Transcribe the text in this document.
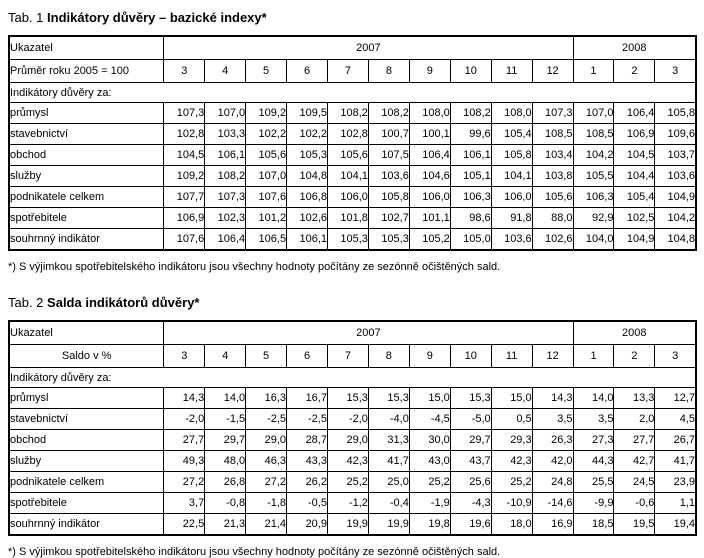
Tab. 1 Indikátory důvěry – bazické indexy*
Ukazatel	2007										2008		
Průměr roku 2005 = 100	3	4	5	6	7	8	9	10	11	12	1	2	3
Indikátory důvěry za:													
průmysl	107,3	107,0	109,2	109,5	108,2	108,2	108,0	108,2	108,0	107,3	107,0	106,4	105,8
stavebnictví	102,8	103,3	102,2	102,2	102,8	100,7	100,1	99,6	105,4	108,5	108,5	106,9	109,6
obchod	104,5	106,1	105,6	105,3	105,6	107,5	106,4	106,1	105,8	103,4	104,2	104,5	103,7
služby	109,2	108,2	107,0	104,8	104,1	103,6	104,6	105,1	104,1	103,8	105,5	104,4	103,6
podnikatele celkem	107,7	107,3	107,6	106,8	106,0	105,8	106,0	106,3	106,0	105,6	106,3	105,4	104,9
spotřebitele	106,9	102,3	101,2	102,6	101,8	102,7	101,1	98,6	91,8	88,0	92,9	102,5	104,2
souhrnný indikátor	107,6	106,4	106,5	106,1	105,3	105,3	105,2	105,0	103,6	102,6	104,0	104,9	104,8
*) S výjimkou spotřebitelského indikátoru jsou všechny hodnoty počítány ze sezónně očištěných sald.
Tab. 2 Salda indikátorů důvěry*
Ukazatel	2007										2008		
Saldo v %	3	4	5	6	7	8	9	10	11	12	1	2	3
Indikátory důvěry za:													
průmysl	14,3	14,0	16,3	16,7	15,3	15,3	15,0	15,3	15,0	14,3	14,0	13,3	12,7
stavebnictví	-2,0	-1,5	-2,5	-2,5	-2,0	-4,0	-4,5	-5,0	0,5	3,5	3,5	2,0	4,5
obchod	27,7	29,7	29,0	28,7	29,0	31,3	30,0	29,7	29,3	26,3	27,3	27,7	26,7
služby	49,3	48,0	46,3	43,3	42,3	41,7	43,0	43,7	42,3	42,0	44,3	42,7	41,7
podnikatele celkem	27,2	26,8	27,2	26,2	25,2	25,0	25,2	25,6	25,2	24,8	25,5	24,5	23,9
spotřebitele	3,7	-0,8	-1,8	-0,5	-1,2	-0,4	-1,9	-4,3	-10,9	-14,6	-9,9	-0,6	1,1
souhrnný indikátor	22,5	21,3	21,4	20,9	19,9	19,9	19,8	19,6	18,0	16,9	18,5	19,5	19,4
*) S výjimkou spotřebitelského indikátoru jsou všechny hodnoty počítány ze sezónně očištěných sald.
